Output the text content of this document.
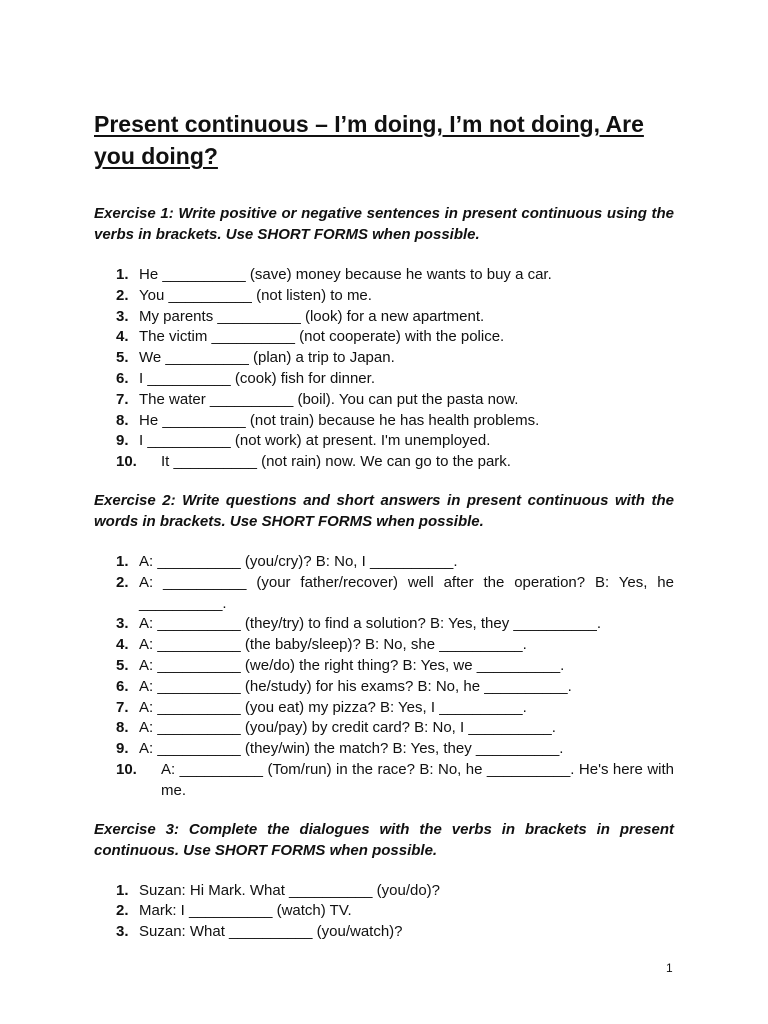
Present continuous – I’m doing, I’m not doing, Are you doing?

Exercise 1: Write positive or negative sentences in present continuous using the verbs in brackets. Use SHORT FORMS when possible.

1. He __________ (save) money because he wants to buy a car.
2. You __________ (not listen) to me.
3. My parents __________ (look) for a new apartment.
4. The victim __________ (not cooperate) with the police.
5. We __________ (plan) a trip to Japan.
6. I __________ (cook) fish for dinner.
7. The water __________ (boil). You can put the pasta now.
8. He __________ (not train) because he has health problems.
9. I __________ (not work) at present. I'm unemployed.
10.	It __________ (not rain) now. We can go to the park.

Exercise 2: Write questions and short answers in present continuous with the words in brackets. Use SHORT FORMS when possible.

1. A: __________ (you/cry)? B: No, I __________.
2. A: __________ (your father/recover) well after the operation? B: Yes, he __________.
3. A: __________ (they/try) to find a solution? B: Yes, they __________.
4. A: __________ (the baby/sleep)? B: No, she __________.
5. A: __________ (we/do) the right thing? B: Yes, we __________.
6. A: __________ (he/study) for his exams? B: No, he __________.
7. A: __________ (you eat) my pizza? B: Yes, I __________.
8. A: __________ (you/pay) by credit card? B: No, I __________.
9. A: __________ (they/win) the match? B: Yes, they __________.
10.	A: __________ (Tom/run) in the race? B: No, he __________. He's here with me.

Exercise 3: Complete the dialogues with the verbs in brackets in present continuous. Use SHORT FORMS when possible.

1. Suzan: Hi Mark. What __________ (you/do)?
2. Mark: I __________ (watch) TV.
3. Suzan: What __________ (you/watch)?
1
